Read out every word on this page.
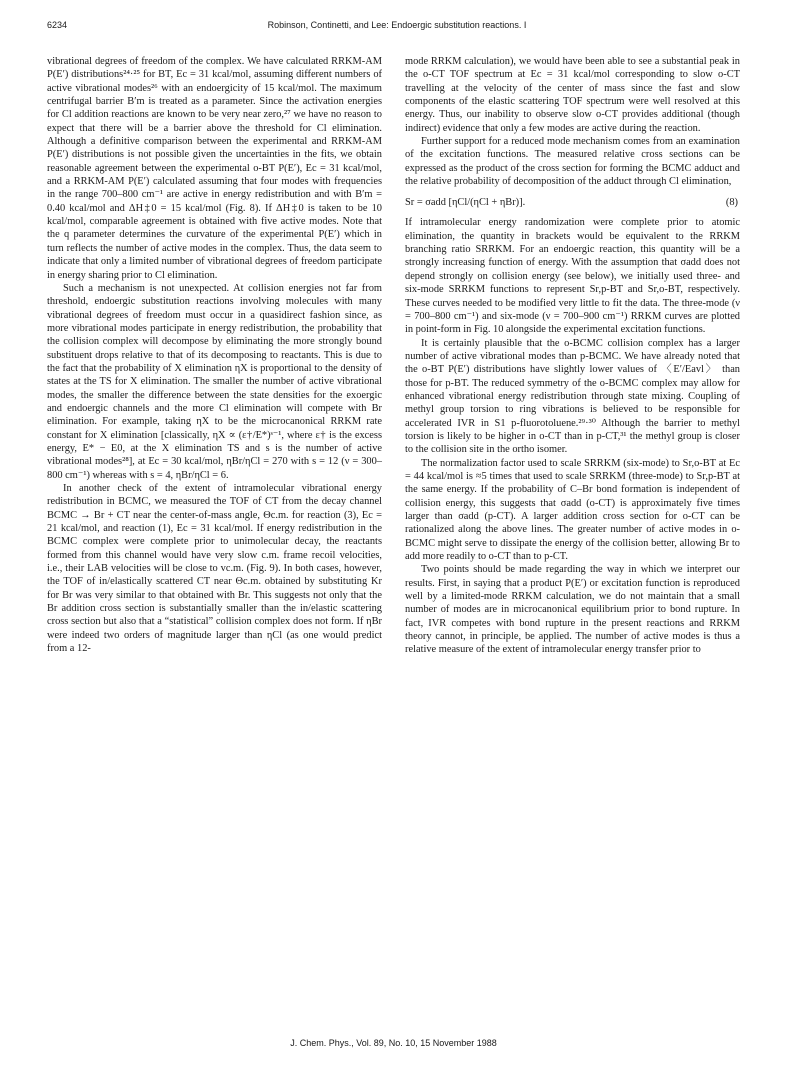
6234	Robinson, Continetti, and Lee: Endoergic substitution reactions. I

vibrational degrees of freedom of the complex. We have calculated RRKM-AM P(E′) distributions²⁴·²⁵ for BT, Ec = 31 kcal/mol, assuming different numbers of active vibrational modes²⁶ with an endoergicity of 15 kcal/mol. The maximum centrifugal barrier B′m is treated as a parameter. Since the activation energies for Cl addition reactions are known to be very near zero,²⁷ we have no reason to expect that there will be a barrier above the threshold for Cl elimination. Although a definitive comparison between the experimental and RRKM-AM P(E′) distributions is not possible given the uncertainties in the fits, we obtain reasonable agreement between the experimental o-BT P(E′), Ec = 31 kcal/mol, and a RRKM-AM P(E′) calculated assuming that four modes with frequencies in the range 700–800 cm⁻¹ are active in energy redistribution and with B′m = 0.40 kcal/mol and ΔH‡0 = 15 kcal/mol (Fig. 8). If ΔH‡0 is taken to be 10 kcal/mol, comparable agreement is obtained with five active modes. Note that the q parameter determines the curvature of the experimental P(E′) which in turn reflects the number of active modes in the complex. Thus, the data seem to indicate that only a limited number of vibrational degrees of freedom participate in energy sharing prior to Cl elimination.

Such a mechanism is not unexpected. At collision energies not far from threshold, endoergic substitution reactions involving molecules with many vibrational degrees of freedom must occur in a quasidirect fashion since, as more vibrational modes participate in energy redistribution, the probability that the collision complex will decompose by eliminating the more strongly bound substituent drops relative to that of its decomposing to reactants. This is due to the fact that the probability of X elimination ηX is proportional to the density of states at the TS for X elimination. The smaller the number of active vibrational modes, the smaller the difference between the state densities for the exoergic and endoergic channels and the more Cl elimination will compete with Br elimination. For example, taking ηX to be the microcanonical RRKM rate constant for X elimination [classically, ηX ∝ (ε†/E*)ˢ⁻¹, where ε† is the excess energy, E* − E0, at the X elimination TS and s is the number of active vibrational modes²⁸], at Ec = 30 kcal/mol, ηBr/ηCl = 270 with s = 12 (ν = 300–800 cm⁻¹) whereas with s = 4, ηBr/ηCl = 6.

In another check of the extent of intramolecular vibrational energy redistribution in BCMC, we measured the TOF of CT from the decay channel BCMC → Br + CT near the center-of-mass angle, Θc.m. for reaction (3), Ec = 21 kcal/mol, and reaction (1), Ec = 31 kcal/mol. If energy redistribution in the BCMC complex were complete prior to unimolecular decay, the reactants formed from this channel would have very slow c.m. frame recoil velocities, i.e., their LAB velocities will be close to vc.m. (Fig. 9). In both cases, however, the TOF of in/elastically scattered CT near Θc.m. obtained by substituting Kr for Br was very similar to that obtained with Br. This suggests not only that the Br addition cross section is substantially smaller than the in/elastic scattering cross section but also that a “statistical” collision complex does not form. If ηBr were indeed two orders of magnitude larger than ηCl (as one would predict from a 12-

mode RRKM calculation), we would have been able to see a substantial peak in the o-CT TOF spectrum at Ec = 31 kcal/mol corresponding to slow o-CT travelling at the velocity of the center of mass since the fast and slow components of the elastic scattering TOF spectrum were well resolved at this energy. Thus, our inability to observe slow o-CT provides additional (though indirect) evidence that only a few modes are active during the reaction.

Further support for a reduced mode mechanism comes from an examination of the excitation functions. The measured relative cross sections can be expressed as the product of the cross section for forming the BCMC adduct and the relative probability of decomposition of the adduct through Cl elimination,

Sr = σadd [ηCl/(ηCl + ηBr)].	(8)

If intramolecular energy randomization were complete prior to atomic elimination, the quantity in brackets would be equivalent to the RRKM branching ratio SRRKM. For an endoergic reaction, this quantity will be a strongly increasing function of energy. With the assumption that σadd does not depend strongly on collision energy (see below), we initially used three- and six-mode SRRKM functions to represent Sr,p-BT and Sr,o-BT, respectively. These curves needed to be modified very little to fit the data. The three-mode (ν = 700–800 cm⁻¹) and six-mode (ν = 700–900 cm⁻¹) RRKM curves are plotted in point-form in Fig. 10 alongside the experimental excitation functions.

It is certainly plausible that the o-BCMC collision complex has a larger number of active vibrational modes than p-BCMC. We have already noted that the o-BT P(E′) distributions have slightly lower values of 〈E′/Eavl〉 than those for p-BT. The reduced symmetry of the o-BCMC complex may allow for enhanced vibrational energy redistribution through state mixing. Coupling of methyl group torsion to ring vibrations is believed to be responsible for accelerated IVR in S1 p-fluorotoluene.²⁹·³⁰ Although the barrier to methyl torsion is likely to be higher in o-CT than in p-CT,³¹ the methyl group is closer to the collision site in the ortho isomer.

The normalization factor used to scale SRRKM (six-mode) to Sr,o-BT at Ec = 44 kcal/mol is ≈5 times that used to scale SRRKM (three-mode) to Sr,p-BT at the same energy. If the probability of C–Br bond formation is independent of collision energy, this suggests that σadd (o-CT) is approximately five times larger than σadd (p-CT). A larger addition cross section for o-CT can be rationalized along the above lines. The greater number of active modes in o-BCMC might serve to dissipate the energy of the collision better, allowing Br to add more readily to o-CT than to p-CT.

Two points should be made regarding the way in which we interpret our results. First, in saying that a product P(E′) or excitation function is reproduced well by a limited-mode RRKM calculation, we do not maintain that a small number of modes are in microcanonical equilibrium prior to bond rupture. In fact, IVR competes with bond rupture in the present reactions and RRKM theory cannot, in principle, be applied. The number of active modes is thus a relative measure of the extent of intramolecular energy transfer prior to

J. Chem. Phys., Vol. 89, No. 10, 15 November 1988
